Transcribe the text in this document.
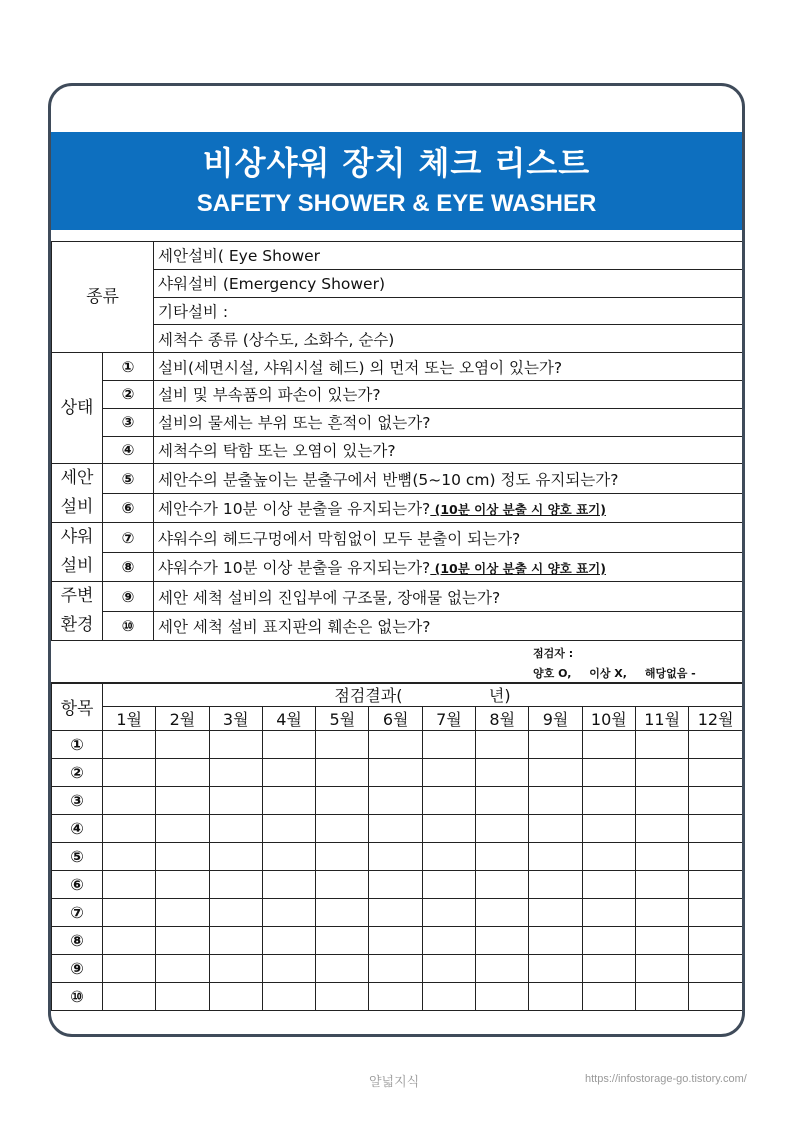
비상샤워 장치 체크 리스트
SAFETY SHOWER & EYE WASHER
종류		세안설비( Eye Shower
		샤워설비 (Emergency Shower)
		기타설비 :
		세척수 종류 (상수도, 소화수, 순수)
상태	①	설비(세면시설, 샤워시설 헤드) 의 먼저 또는 오염이 있는가?
	②	설비 및 부속품의 파손이 있는가?
	③	설비의 물세는 부위 또는 흔적이 없는가?
	④	세척수의 탁함 또는 오염이 있는가?
세안
설비	⑤	세안수의 분출높이는 분출구에서 반뼘(5~10 cm) 정도 유지되는가?
	⑥	세안수가 10분 이상 분출을 유지되는가? (10분 이상 분출 시 양호 표기)
샤워
설비	⑦	샤워수의 헤드구멍에서 막힘없이 모두 분출이 되는가?
	⑧	샤워수가 10분 이상 분출을 유지되는가? (10분 이상 분출 시 양호 표기)
주변
환경	⑨	세안 세척 설비의 진입부에 구조물, 장애물 없는가?
	⑩	세안 세척 설비 표지판의 훼손은 없는가?
점검자 :
양호 O, 이상 X, 해당없음 -
항목	점검결과(                 년)											
	1월	2월	3월	4월	5월	6월	7월	8월	9월	10월	11월	12월
①												
②												
③												
④												
⑤												
⑥												
⑦												
⑧												
⑨												
⑩												
얄넓지식	https://infostorage-go.tistory.com/
